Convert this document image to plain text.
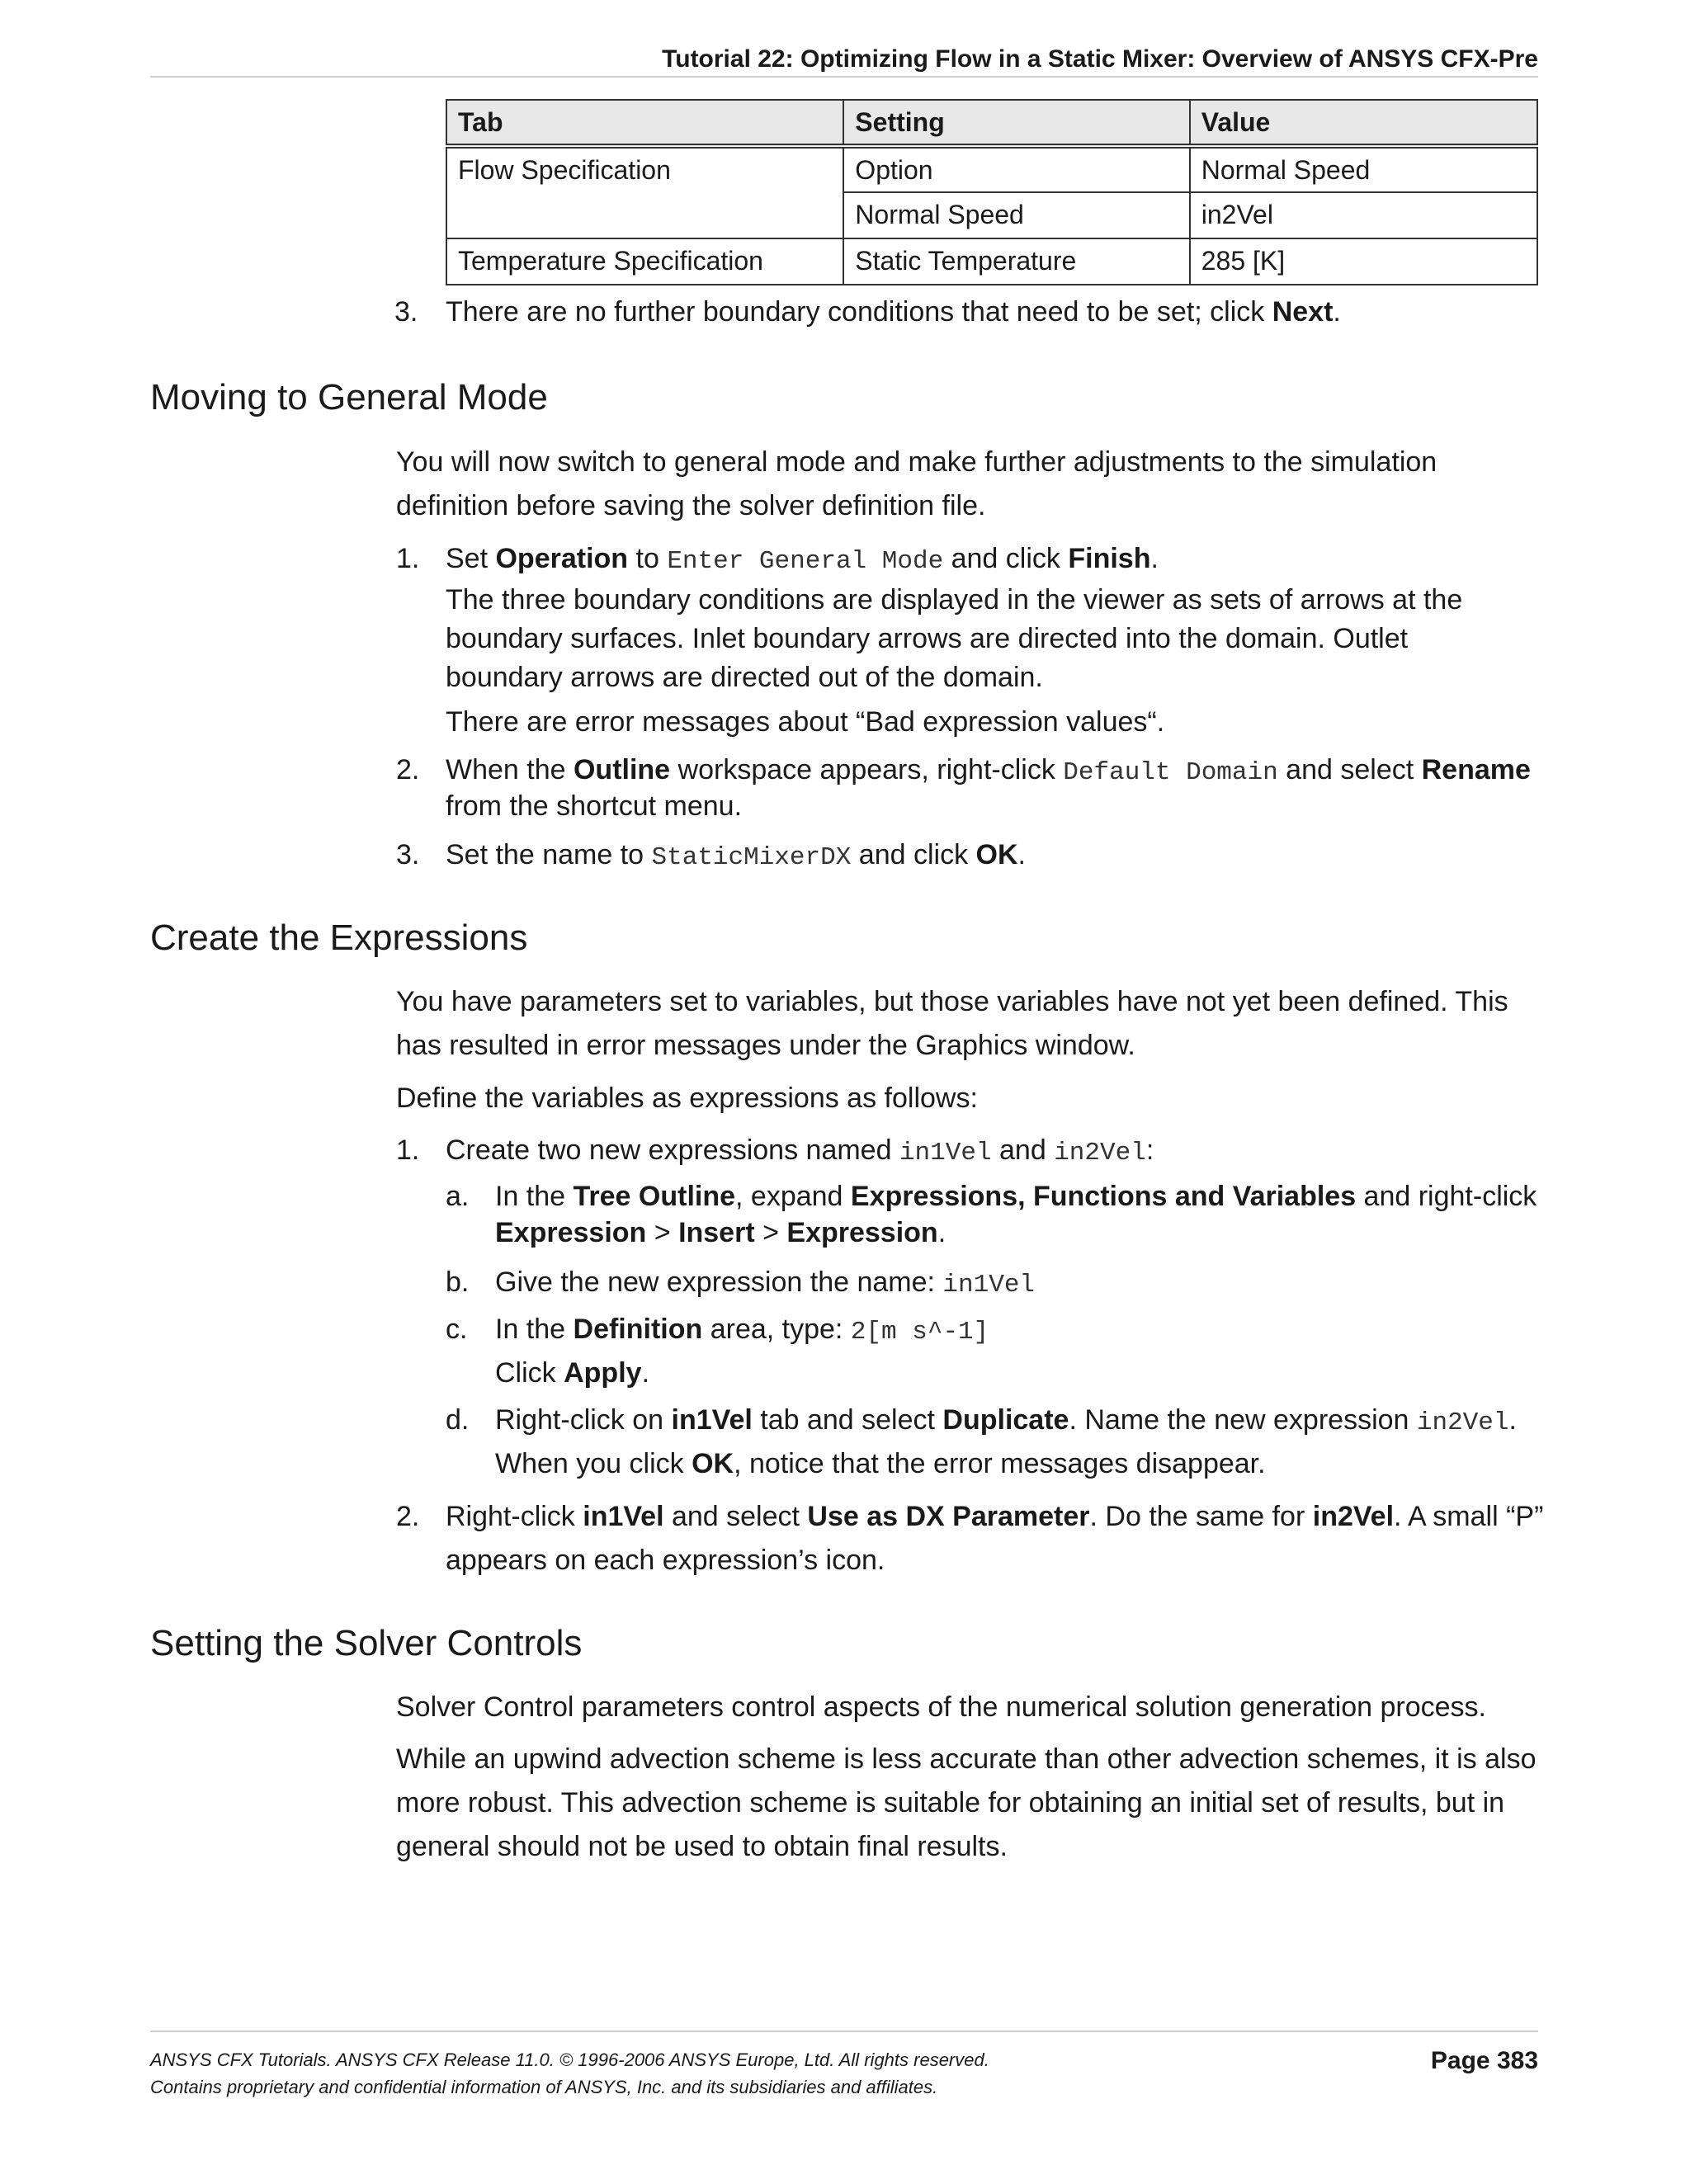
Tutorial 22: Optimizing Flow in a Static Mixer: Overview of ANSYS CFX-Pre
Tab	Setting	Value
Flow Specification	Option	Normal Speed
	Normal Speed	in2Vel
Temperature Specification	Static Temperature	285 [K]
3. There are no further boundary conditions that need to be set; click Next.
Moving to General Mode
You will now switch to general mode and make further adjustments to the simulation
definition before saving the solver definition file.
1. Set Operation to Enter General Mode and click Finish.
The three boundary conditions are displayed in the viewer as sets of arrows at the
boundary surfaces. Inlet boundary arrows are directed into the domain. Outlet
boundary arrows are directed out of the domain.
There are error messages about “Bad expression values“.
2. When the Outline workspace appears, right-click Default Domain and select Rename
from the shortcut menu.
3. Set the name to StaticMixerDX and click OK.
Create the Expressions
You have parameters set to variables, but those variables have not yet been defined. This
has resulted in error messages under the Graphics window.
Define the variables as expressions as follows:
1. Create two new expressions named in1Vel and in2Vel:
a. In the Tree Outline, expand Expressions, Functions and Variables and right-click
Expression > Insert > Expression.
b. Give the new expression the name: in1Vel
c. In the Definition area, type: 2[m s^-1]
Click Apply.
d. Right-click on in1Vel tab and select Duplicate. Name the new expression in2Vel.
When you click OK, notice that the error messages disappear.
2. Right-click in1Vel and select Use as DX Parameter. Do the same for in2Vel. A small “P”
appears on each expression’s icon.
Setting the Solver Controls
Solver Control parameters control aspects of the numerical solution generation process.
While an upwind advection scheme is less accurate than other advection schemes, it is also
more robust. This advection scheme is suitable for obtaining an initial set of results, but in
general should not be used to obtain final results.
ANSYS CFX Tutorials. ANSYS CFX Release 11.0. © 1996-2006 ANSYS Europe, Ltd. All rights reserved.
Contains proprietary and confidential information of ANSYS, Inc. and its subsidiaries and affiliates.
Page 383
